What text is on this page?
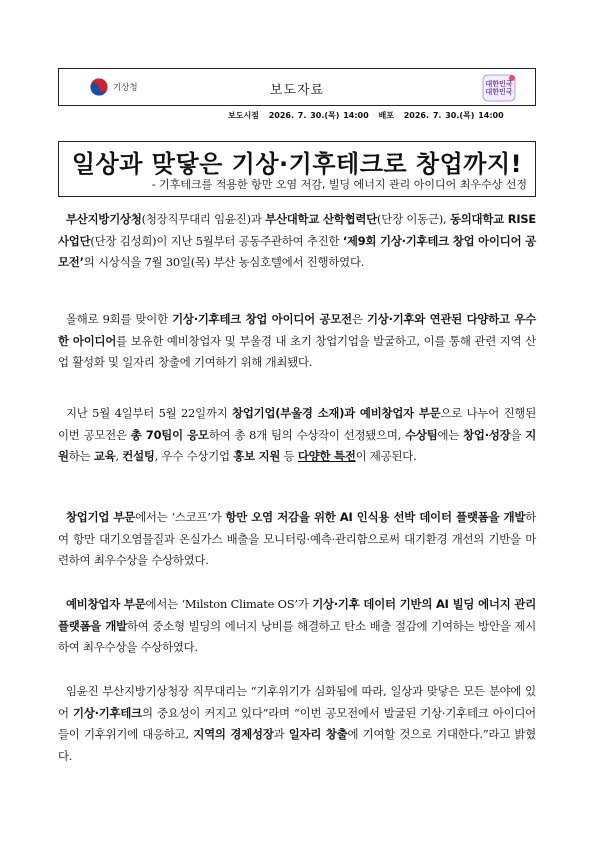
기상청	보도자료	대한민국
대한민국
보도시점 2026. 7. 30.(목) 14:00 배포 2026. 7. 30.(목) 14:00
일상과 맞닿은 기상·기후테크로 창업까지!
- 기후테크를 적용한 항만 오염 저감, 빌딩 에너지 관리 아이디어 최우수상 선정
부산지방기상청(청장직무대리 임윤진)과 부산대학교 산학협력단(단장 이동근), 동의대학교 RISE사업단(단장 김성희)이 지난 5월부터 공동주관하여 추진한 ‘제9회 기상·기후테크 창업 아이디어 공모전’의 시상식을 7월 30일(목) 부산 농심호텔에서 진행하였다.
올해로 9회를 맞이한 기상·기후테크 창업 아이디어 공모전은 기상·기후와 연관된 다양하고 우수한 아이디어를 보유한 예비창업자 및 부울경 내 초기 창업기업을 발굴하고, 이를 통해 관련 지역 산업 활성화 및 일자리 창출에 기여하기 위해 개최됐다.
지난 5월 4일부터 5월 22일까지 창업기업(부울경 소재)과 예비창업자 부문으로 나누어 진행된 이번 공모전은 총 70팀이 응모하여 총 8개 팀의 수상작이 선정됐으며, 수상팀에는 창업·성장을 지원하는 교육, 컨설팅, 우수 수상기업 홍보 지원 등 다양한 특전이 제공된다.
창업기업 부문에서는 ‘스코프’가 항만 오염 저감을 위한 AI 인식용 선박 데이터 플랫폼을 개발하여 항만 대기오염물질과 온실가스 배출을 모니터링·예측·관리함으로써 대기환경 개선의 기반을 마련하여 최우수상을 수상하였다.
예비창업자 부문에서는 ‘Milston Climate OS’가 기상·기후 데이터 기반의 AI 빌딩 에너지 관리 플랫폼을 개발하여 중소형 빌딩의 에너지 낭비를 해결하고 탄소 배출 절감에 기여하는 방안을 제시하여 최우수상을 수상하였다.
임윤진 부산지방기상청장 직무대리는 “기후위기가 심화됨에 따라, 일상과 맞닿은 모든 분야에 있어 기상·기후테크의 중요성이 커지고 있다”라며 “이번 공모전에서 발굴된 기상·기후테크 아이디어들이 기후위기에 대응하고, 지역의 경제성장과 일자리 창출에 기여할 것으로 기대한다.”라고 밝혔다.
